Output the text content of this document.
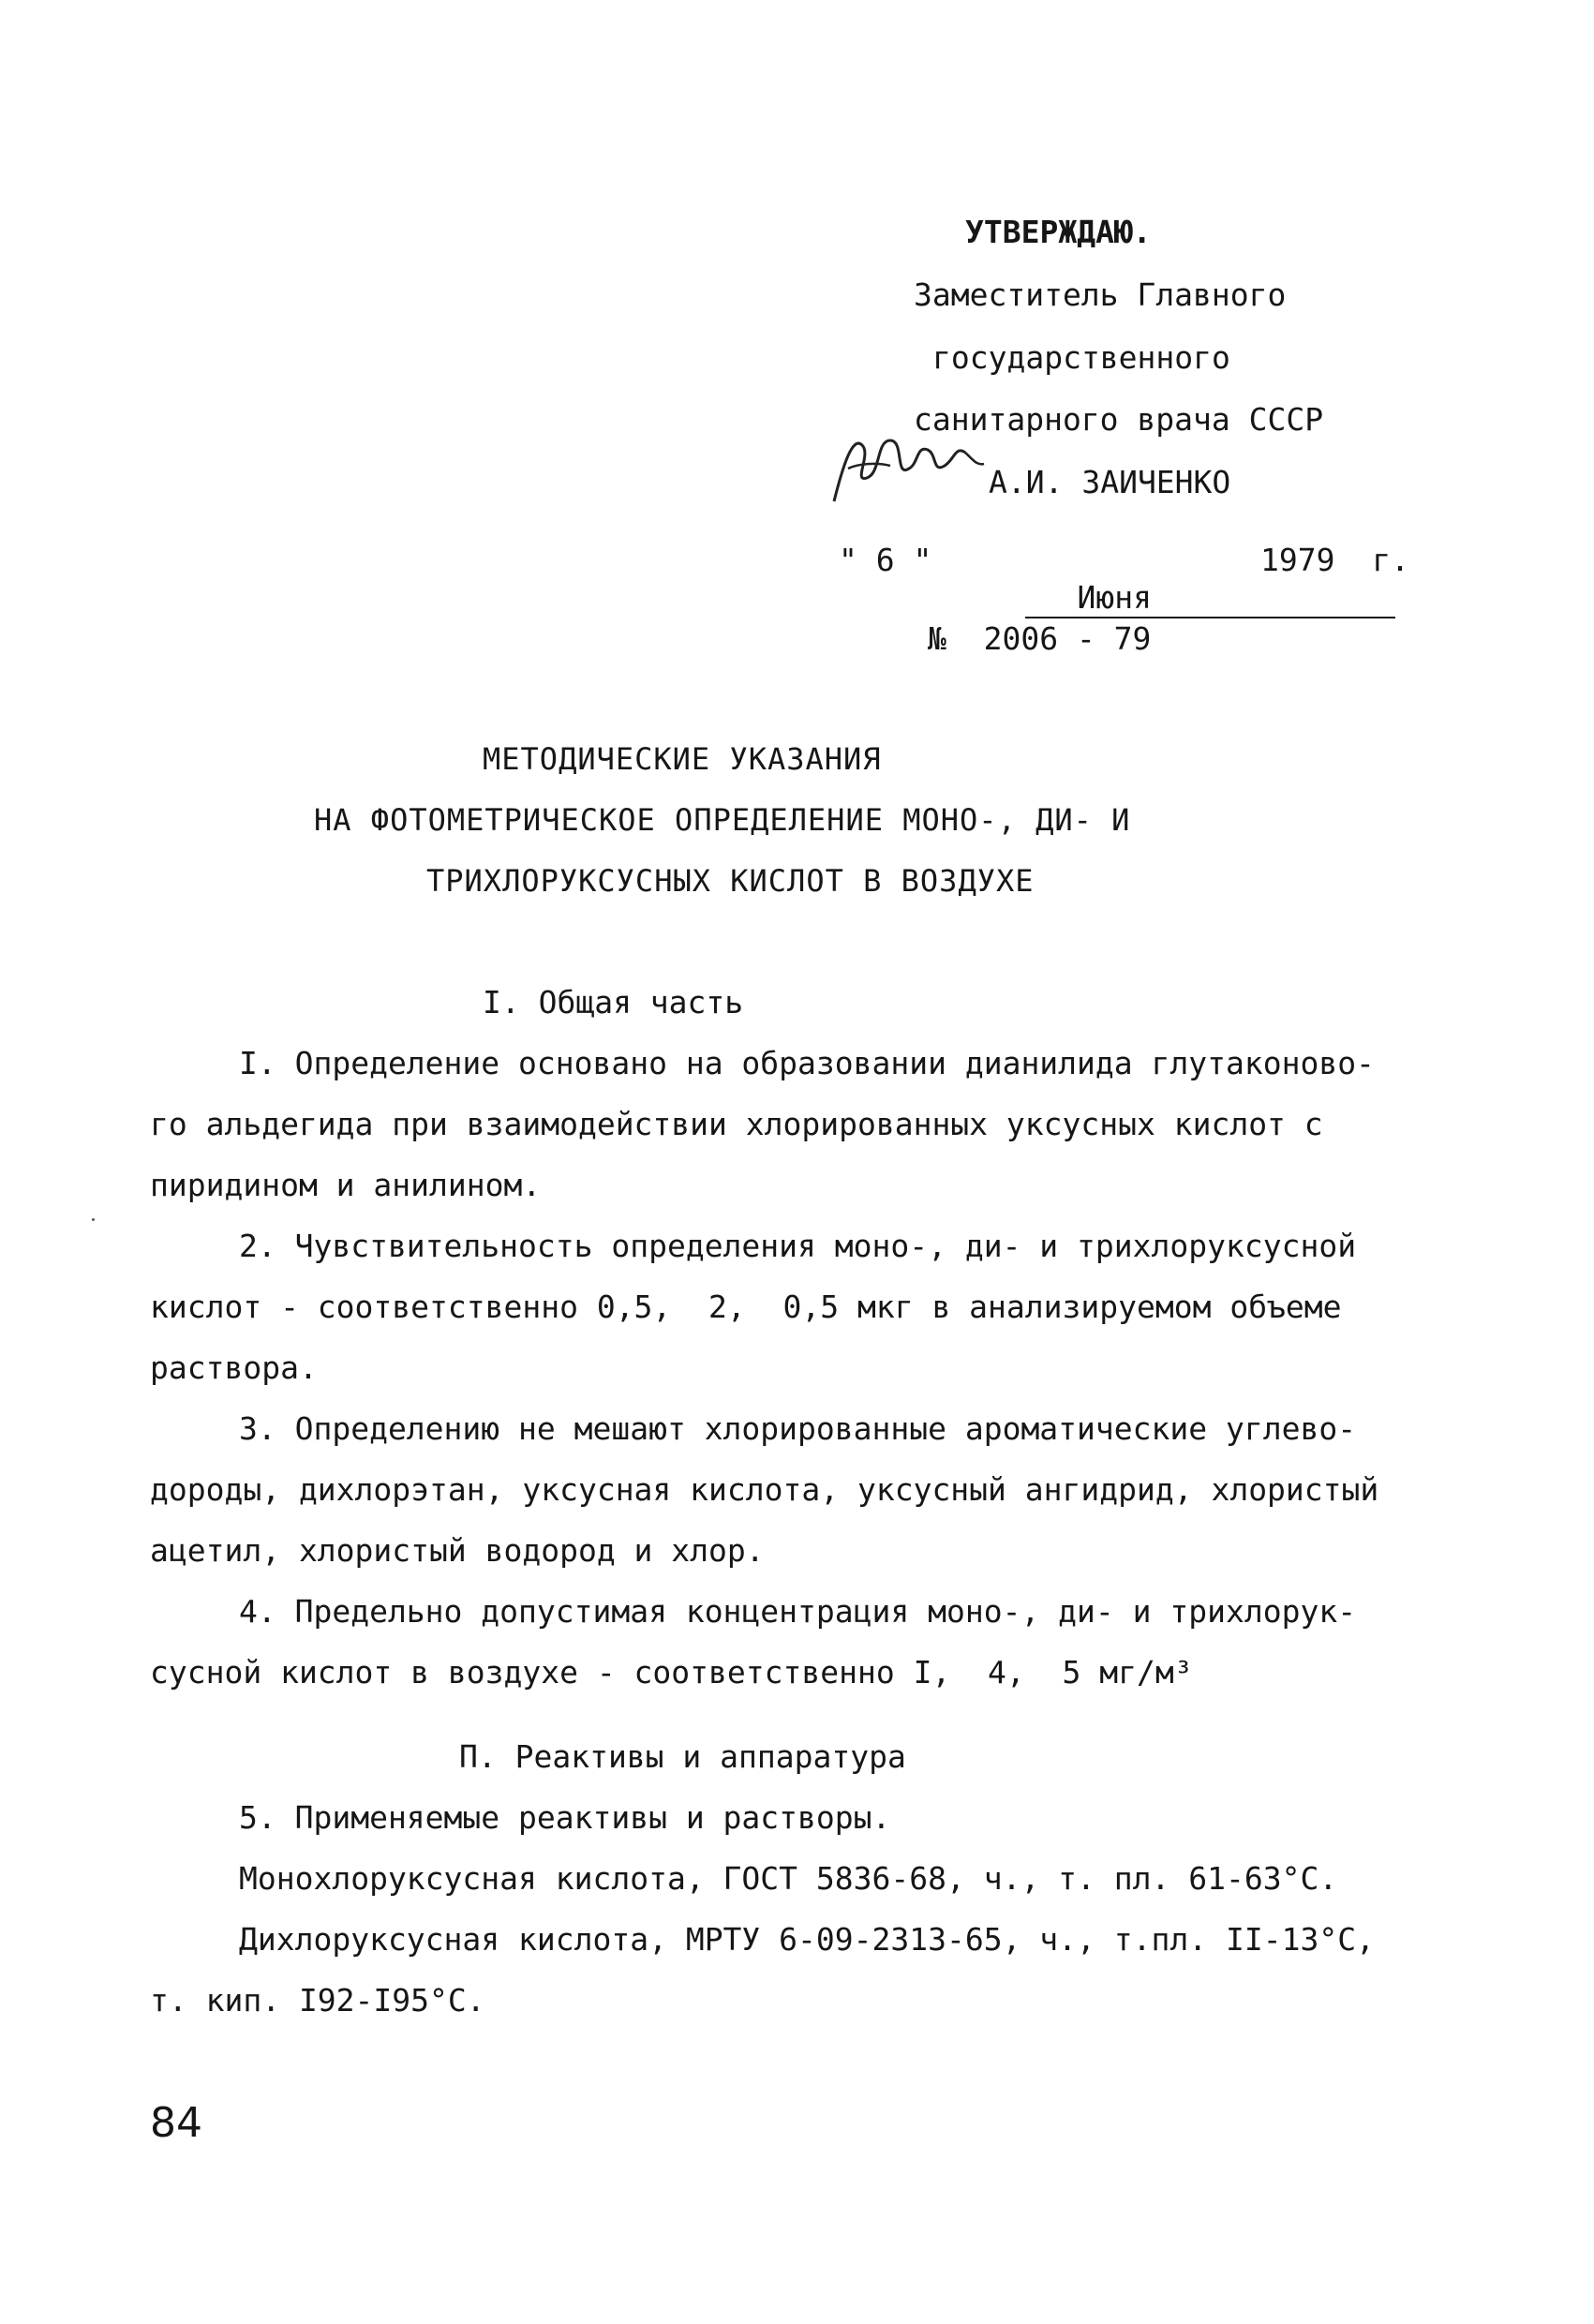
УТВЕРЖДАЮ.
Заместитель Главного
государственного
санитарного врача СССР
А.И. ЗАИЧЕНКО
" 6 "

Июня

1979  г.
№  2006 - 79
МЕТОДИЧЕСКИЕ УКАЗАНИЯ
НА ФОТОМЕТРИЧЕСКОЕ ОПРЕДЕЛЕНИЕ МОНО-, ДИ- И
ТРИХЛОРУКСУСНЫХ КИСЛОТ В ВОЗДУХЕ
I. Общая часть
I. Определение основано на образовании дианилида глутаконово-
го альдегида при взаимодействии хлорированных уксусных кислот с
пиридином и анилином.
2. Чувствительность определения моно-, ди- и трихлоруксусной
кислот - соответственно 0,5,  2,  0,5 мкг в анализируемом объеме
раствора.
3. Определению не мешают хлорированные ароматические углево-
дороды, дихлорэтан, уксусная кислота, уксусный ангидрид, хлористый
ацетил, хлористый водород и хлор.
4. Предельно допустимая концентрация моно-, ди- и трихлорук-
сусной кислот в воздухе - соответственно I,  4,  5 мг/м³
П. Реактивы и аппаратура
5. Применяемые реактивы и растворы.
Монохлоруксусная кислота, ГОСТ 5836-68, ч., т. пл. 61-63°С.
Дихлоруксусная кислота, МРТУ 6-09-2313-65, ч., т.пл. II-13°С,
т. кип. I92-I95°С.
84
